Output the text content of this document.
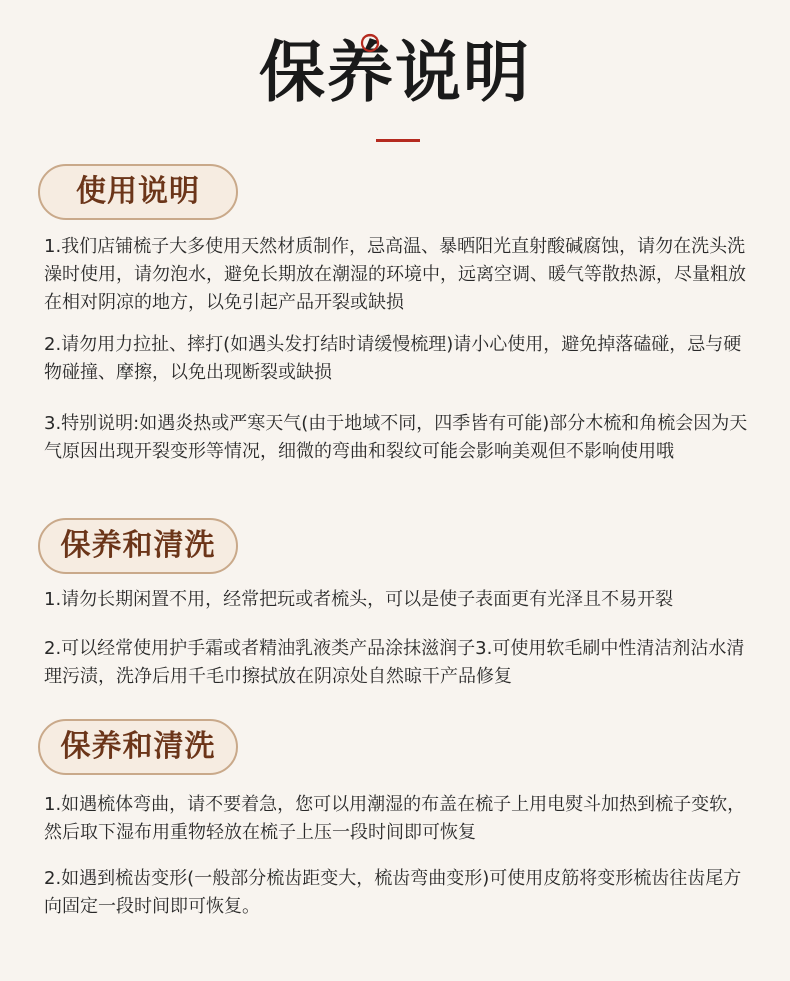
保养说明
使用说明

1.我们店铺梳子大多使用天然材质制作，忌高温、暴晒阳光直射酸碱腐蚀，请勿在洗头洗澡时使用，请勿泡水，避免长期放在潮湿的环境中，远离空调、暖气等散热源，尽量粗放在相对阴凉的地方，以免引起产品开裂或缺损

2.请勿用力拉扯、摔打(如遇头发打结时请缓慢梳理)请小心使用，避免掉落磕碰，忌与硬物碰撞、摩擦，以免出现断裂或缺损

3.特别说明:如遇炎热或严寒天气(由于地域不同，四季皆有可能)部分木梳和角梳会因为天气原因出现开裂变形等情况，细微的弯曲和裂纹可能会影响美观但不影响使用哦

保养和清洗

1.请勿长期闲置不用，经常把玩或者梳头，可以是使子表面更有光泽且不易开裂

2.可以经常使用护手霜或者精油乳液类产品涂抹滋润子3.可使用软毛刷中性清洁剂沾水清理污渍，洗净后用千毛巾擦拭放在阴凉处自然晾干产品修复

保养和清洗

1.如遇梳体弯曲，请不要着急，您可以用潮湿的布盖在梳子上用电熨斗加热到梳子变软，然后取下湿布用重物轻放在梳子上压一段时间即可恢复

2.如遇到梳齿变形(一般部分梳齿距变大，梳齿弯曲变形)可使用皮筋将变形梳齿往齿尾方向固定一段时间即可恢复。
